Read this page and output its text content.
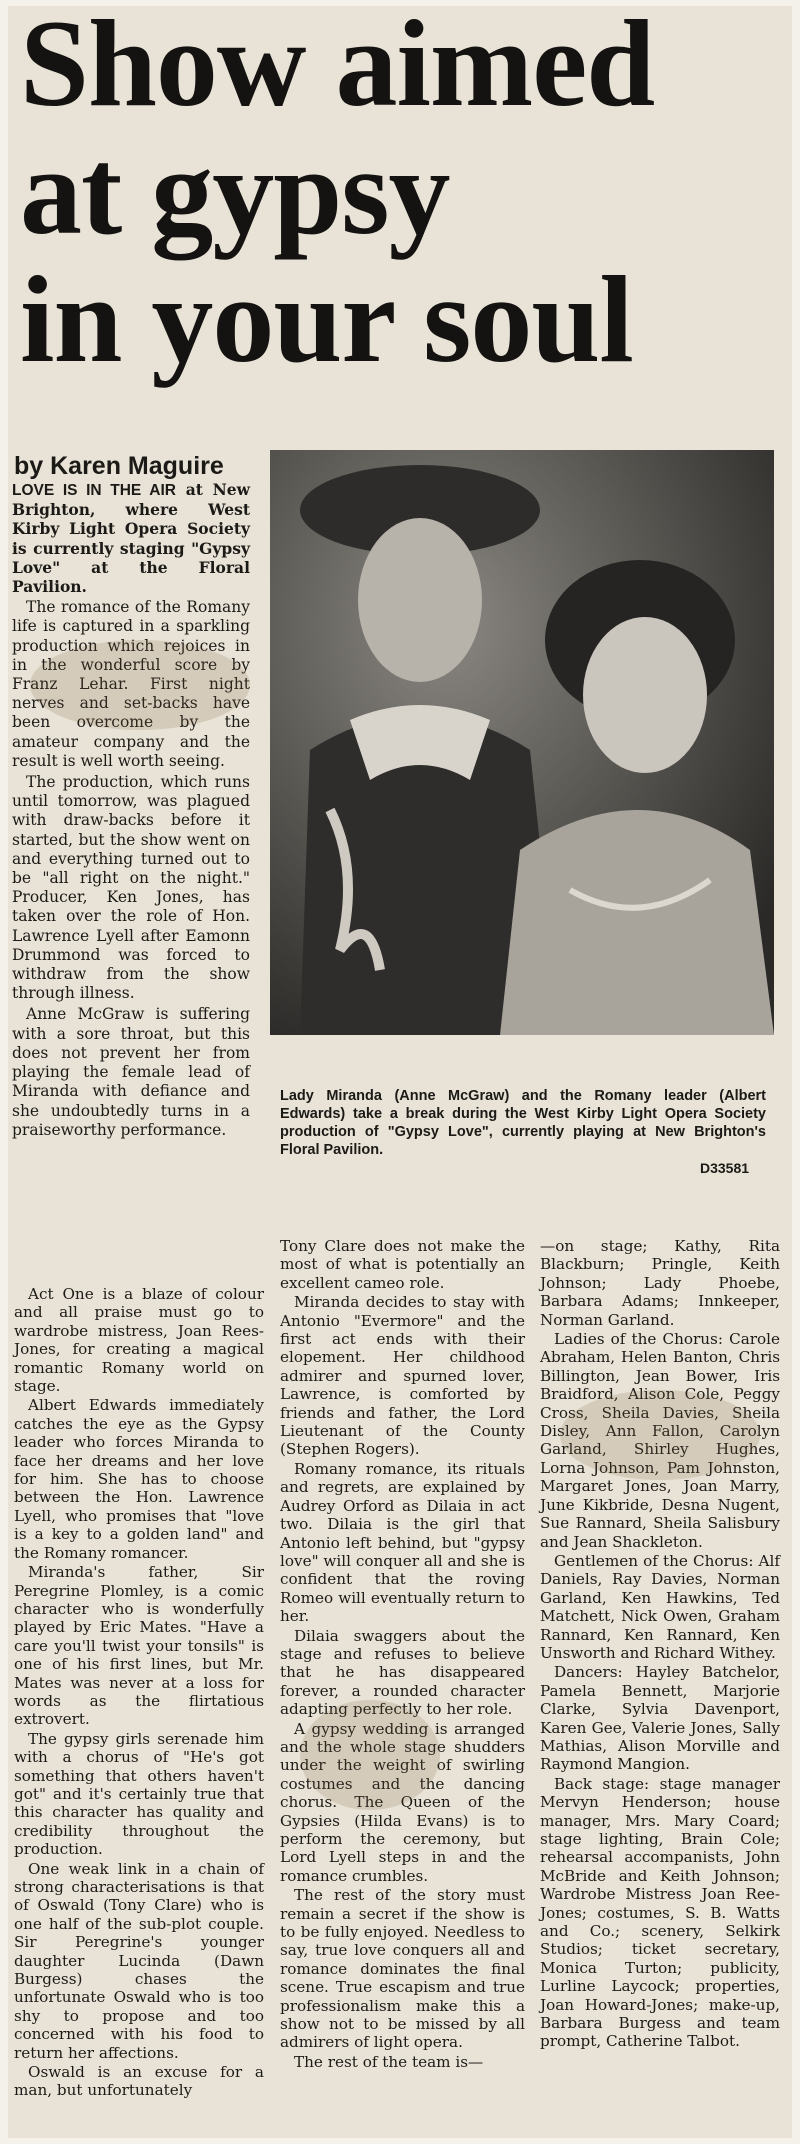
Show aimed
at gypsy
in your soul
by Karen Maguire

LOVE IS IN THE AIR at New Brighton, where West Kirby Light Opera Society is currently staging "Gypsy Love" at the Floral Pavilion.

The romance of the Romany life is captured in a sparkling production which rejoices in in the wonderful score by Franz Lehar. First night nerves and set-backs have been overcome by the amateur company and the result is well worth seeing.

The production, which runs until tomorrow, was plagued with draw-backs before it started, but the show went on and everything turned out to be "all right on the night." Producer, Ken Jones, has taken over the role of Hon. Lawrence Lyell after Eamonn Drummond was forced to withdraw from the show through illness.

Anne McGraw is suffering with a sore throat, but this does not prevent her from playing the female lead of Miranda with defiance and she undoubtedly turns in a praiseworthy performance.

Lady Miranda (Anne McGraw) and the Romany leader (Albert Edwards) take a break during the West Kirby Light Opera Society production of "Gypsy Love", currently playing at New Brighton's Floral Pavilion.
D33581

Act One is a blaze of colour and all praise must go to wardrobe mistress, Joan Rees-Jones, for creating a magical romantic Romany world on stage.

Albert Edwards immediately catches the eye as the Gypsy leader who forces Miranda to face her dreams and her love for him. She has to choose between the Hon. Lawrence Lyell, who promises that "love is a key to a golden land" and the Romany romancer.

Miranda's father, Sir Peregrine Plomley, is a comic character who is wonderfully played by Eric Mates. "Have a care you'll twist your tonsils" is one of his first lines, but Mr. Mates was never at a loss for words as the flirtatious extrovert.

The gypsy girls serenade him with a chorus of "He's got something that others haven't got" and it's certainly true that this character has quality and credibility throughout the production.

One weak link in a chain of strong characterisations is that of Oswald (Tony Clare) who is one half of the sub-plot couple. Sir Peregrine's younger daughter Lucinda (Dawn Burgess) chases the unfortunate Oswald who is too shy to propose and too concerned with his food to return her affections.

Oswald is an excuse for a man, but unfortunately

Tony Clare does not make the most of what is potentially an excellent cameo role.

Miranda decides to stay with Antonio "Evermore" and the first act ends with their elopement. Her childhood admirer and spurned lover, Lawrence, is comforted by friends and father, the Lord Lieutenant of the County (Stephen Rogers).

Romany romance, its rituals and regrets, are explained by Audrey Orford as Dilaia in act two. Dilaia is the girl that Antonio left behind, but "gypsy love" will conquer all and she is confident that the roving Romeo will eventually return to her.

Dilaia swaggers about the stage and refuses to believe that he has disappeared forever, a rounded character adapting perfectly to her role.

A gypsy wedding is arranged and the whole stage shudders under the weight of swirling costumes and the dancing chorus. The Queen of the Gypsies (Hilda Evans) is to perform the ceremony, but Lord Lyell steps in and the romance crumbles.

The rest of the story must remain a secret if the show is to be fully enjoyed. Needless to say, true love conquers all and romance dominates the final scene. True escapism and true professionalism make this a show not to be missed by all admirers of light opera.

The rest of the team is—

—on stage; Kathy, Rita Blackburn; Pringle, Keith Johnson; Lady Phoebe, Barbara Adams; Innkeeper, Norman Garland.

Ladies of the Chorus: Carole Abraham, Helen Banton, Chris Billington, Jean Bower, Iris Braidford, Alison Cole, Peggy Cross, Sheila Davies, Sheila Disley, Ann Fallon, Carolyn Garland, Shirley Hughes, Lorna Johnson, Pam Johnston, Margaret Jones, Joan Marry, June Kikbride, Desna Nugent, Sue Rannard, Sheila Salisbury and Jean Shackleton.

Gentlemen of the Chorus: Alf Daniels, Ray Davies, Norman Garland, Ken Hawkins, Ted Matchett, Nick Owen, Graham Rannard, Ken Rannard, Ken Unsworth and Richard Withey.

Dancers: Hayley Batchelor, Pamela Bennett, Marjorie Clarke, Sylvia Davenport, Karen Gee, Valerie Jones, Sally Mathias, Alison Morville and Raymond Mangion.

Back stage: stage manager Mervyn Henderson; house manager, Mrs. Mary Coard; stage lighting, Brain Cole; rehearsal accompanists, John McBride and Keith Johnson; Wardrobe Mistress Joan Ree-Jones; costumes, S. B. Watts and Co.; scenery, Selkirk Studios; ticket secretary, Monica Turton; publicity, Lurline Laycock; properties, Joan Howard-Jones; make-up, Barbara Burgess and team prompt, Catherine Talbot.
